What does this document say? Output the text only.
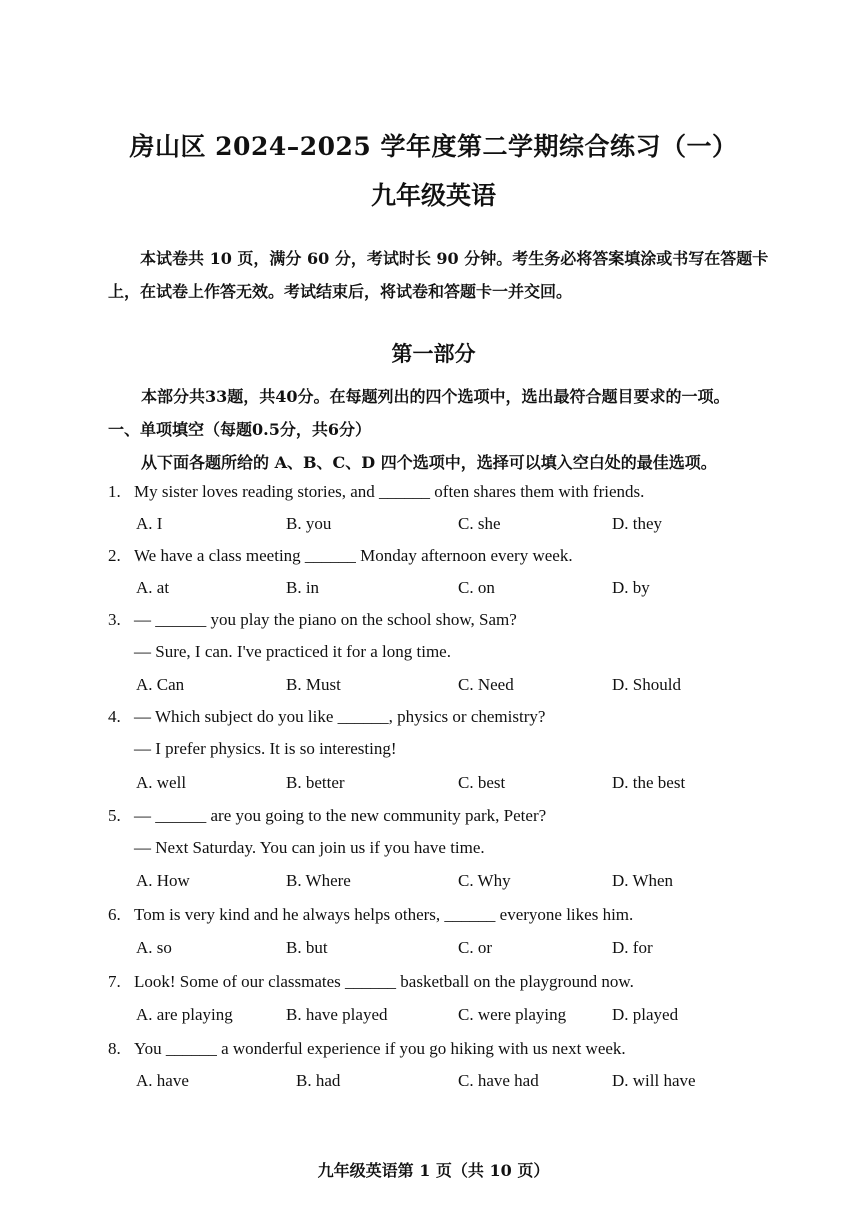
房山区 2024–2025 学年度第二学期综合练习（一）
九年级英语
本试卷共 10 页，满分 60 分，考试时长 90 分钟。考生务必将答案填涂或书写在答题卡上，在试卷上作答无效。考试结束后，将试卷和答题卡一并交回。
第一部分
本部分共33题，共40分。在每题列出的四个选项中，选出最符合题目要求的一项。
一、单项填空（每题0.5分，共6分）
从下面各题所给的 A、B、C、D 四个选项中，选择可以填入空白处的最佳选项。
1. My sister loves reading stories, and ______ often shares them with friends.
A. I	B. you	C. she	D. they
2. We have a class meeting ______ Monday afternoon every week.
A. at	B. in	C. on	D. by
3. — ______ you play the piano on the school show, Sam?
— Sure, I can. I've practiced it for a long time.
A. Can	B. Must	C. Need	D. Should
4. — Which subject do you like ______, physics or chemistry?
— I prefer physics. It is so interesting!
A. well	B. better	C. best	D. the best
5. — ______ are you going to the new community park, Peter?
— Next Saturday. You can join us if you have time.
A. How	B. Where	C. Why	D. When
6. Tom is very kind and he always helps others, ______ everyone likes him.
A. so	B. but	C. or	D. for
7. Look! Some of our classmates ______ basketball on the playground now.
A. are playing	B. have played	C. were playing	D. played
8. You ______ a wonderful experience if you go hiking with us next week.
A. have	B. had	C. have had	D. will have
九年级英语第 1 页（共 10 页）
